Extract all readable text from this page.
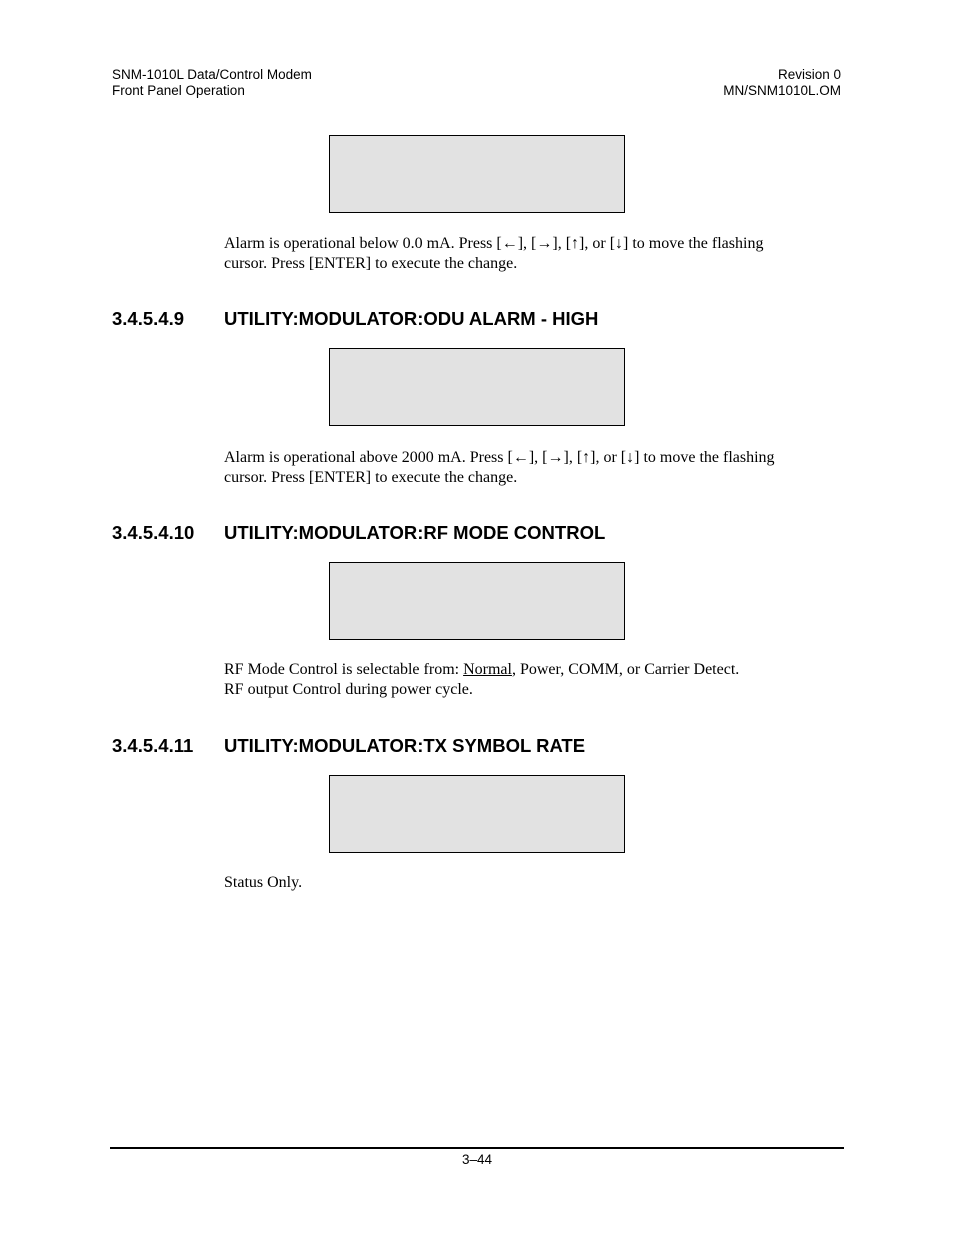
SNM-1010L Data/Control Modem
Front Panel Operation
Revision 0
MN/SNM1010L.OM
Alarm is operational below 0.0 mA. Press [←], [→], [↑], or [↓] to move the flashing
cursor. Press [ENTER] to execute the change.
3.4.5.4.9 UTILITY:MODULATOR:ODU ALARM - HIGH
Alarm is operational above 2000 mA. Press [←], [→], [↑], or [↓] to move the flashing
cursor. Press [ENTER] to execute the change.
3.4.5.4.10 UTILITY:MODULATOR:RF MODE CONTROL
RF Mode Control is selectable from: Normal, Power, COMM, or Carrier Detect.
RF output Control during power cycle.
3.4.5.4.11 UTILITY:MODULATOR:TX SYMBOL RATE
Status Only.
3–44
